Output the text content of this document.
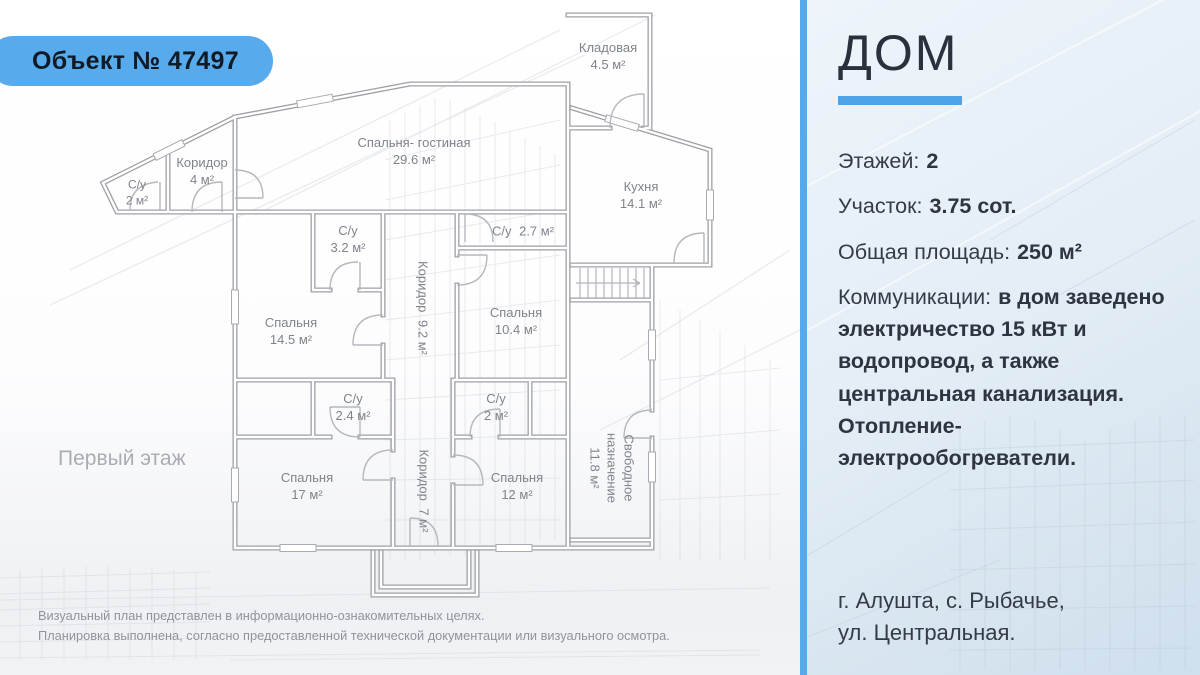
Объект № 47497	Кладовая
4.5 м²
С/у
2 м²
Коридор
4 м²
Спальня- гостиная
29.6 м²
Кухня
14.1 м²
С/у
3.2 м²
С/у 2.7 м²
Коридор 9.2 м²
Спальня
14.5 м²
Спальня
10.4 м²
С/у
2.4 м²
С/у
2 м²
Коридор 7 м²
Спальня
17 м²
Спальня
12 м²	Свободное назначение
11.8 м²
Первый этаж
Визуальный план представлен в информационно-ознакомительных целях.
Планировка выполнена, согласно предоставленной технической документации или визуального осмотра.
ДОМ
Этажей: 2
Участок: 3.75 сот.
Общая площадь: 250 м²
Коммуникации: в дом заведено электричество 15 кВт и водопровод, а также центральная канализация. Отопление- электрообогреватели.
г. Алушта, с. Рыбачье,
ул. Центральная.
